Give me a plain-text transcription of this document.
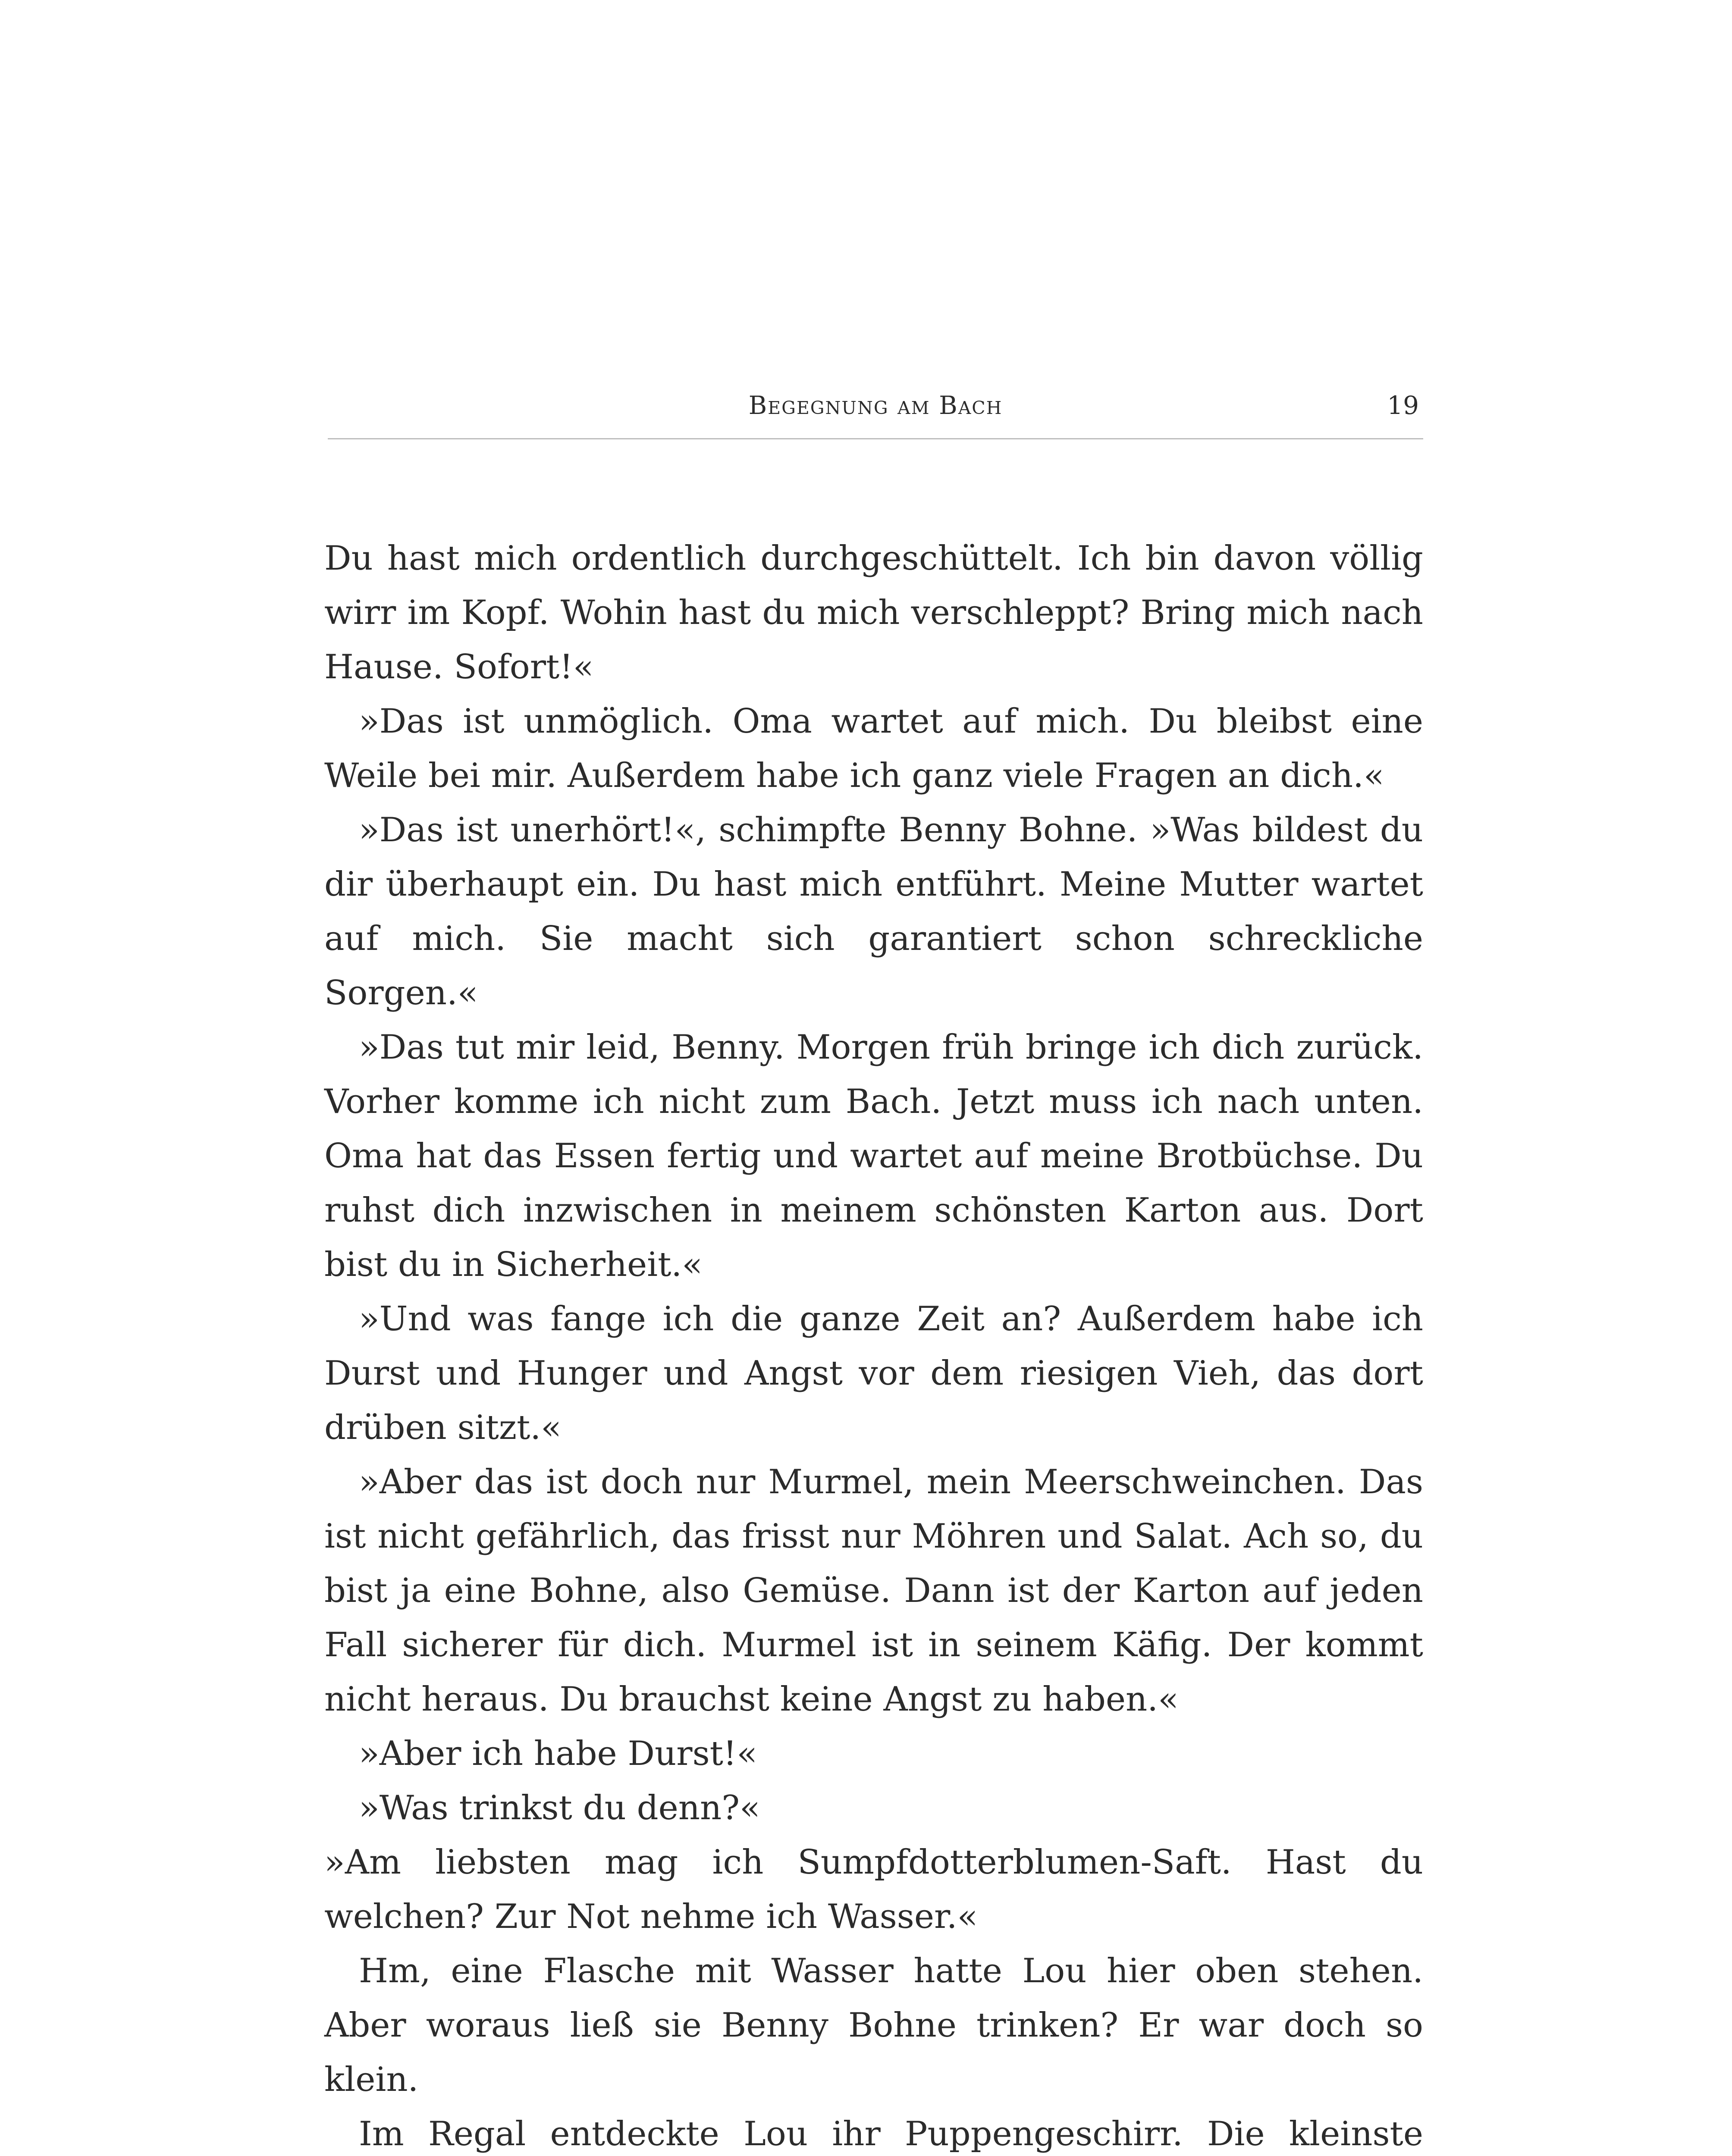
Begegnung am Bach	19

Du hast mich ordentlich durchgeschüttelt. Ich bin davon völlig wirr im Kopf. Wohin hast du mich verschleppt? Bring mich nach Hause. Sofort!«

»Das ist unmöglich. Oma wartet auf mich. Du bleibst eine Weile bei mir. Außerdem habe ich ganz viele Fragen an dich.«

»Das ist unerhört!«, schimpfte Benny Bohne. »Was bildest du dir überhaupt ein. Du hast mich entführt. Meine Mutter wartet auf mich. Sie macht sich garantiert schon schreckliche Sorgen.«

»Das tut mir leid, Benny. Morgen früh bringe ich dich zurück. Vorher komme ich nicht zum Bach. Jetzt muss ich nach unten. Oma hat das Essen fertig und wartet auf meine Brotbüchse. Du ruhst dich inzwischen in meinem schönsten Karton aus. Dort bist du in Sicherheit.«

»Und was fange ich die ganze Zeit an? Außerdem habe ich Durst und Hunger und Angst vor dem riesigen Vieh, das dort drüben sitzt.«

»Aber das ist doch nur Murmel, mein Meerschweinchen. Das ist nicht gefährlich, das frisst nur Möhren und Salat. Ach so, du bist ja eine Bohne, also Gemüse. Dann ist der Karton auf jeden Fall sicherer für dich. Murmel ist in seinem Käfig. Der kommt nicht heraus. Du brauchst keine Angst zu haben.«

»Aber ich habe Durst!«

»Was trinkst du denn?«

»Am liebsten mag ich Sumpfdotterblumen-Saft. Hast du welchen? Zur Not nehme ich Wasser.«

Hm, eine Flasche mit Wasser hatte Lou hier oben stehen. Aber woraus ließ sie Benny Bohne trinken? Er war doch so klein.

Im Regal entdeckte Lou ihr Puppengeschirr. Die kleinste
